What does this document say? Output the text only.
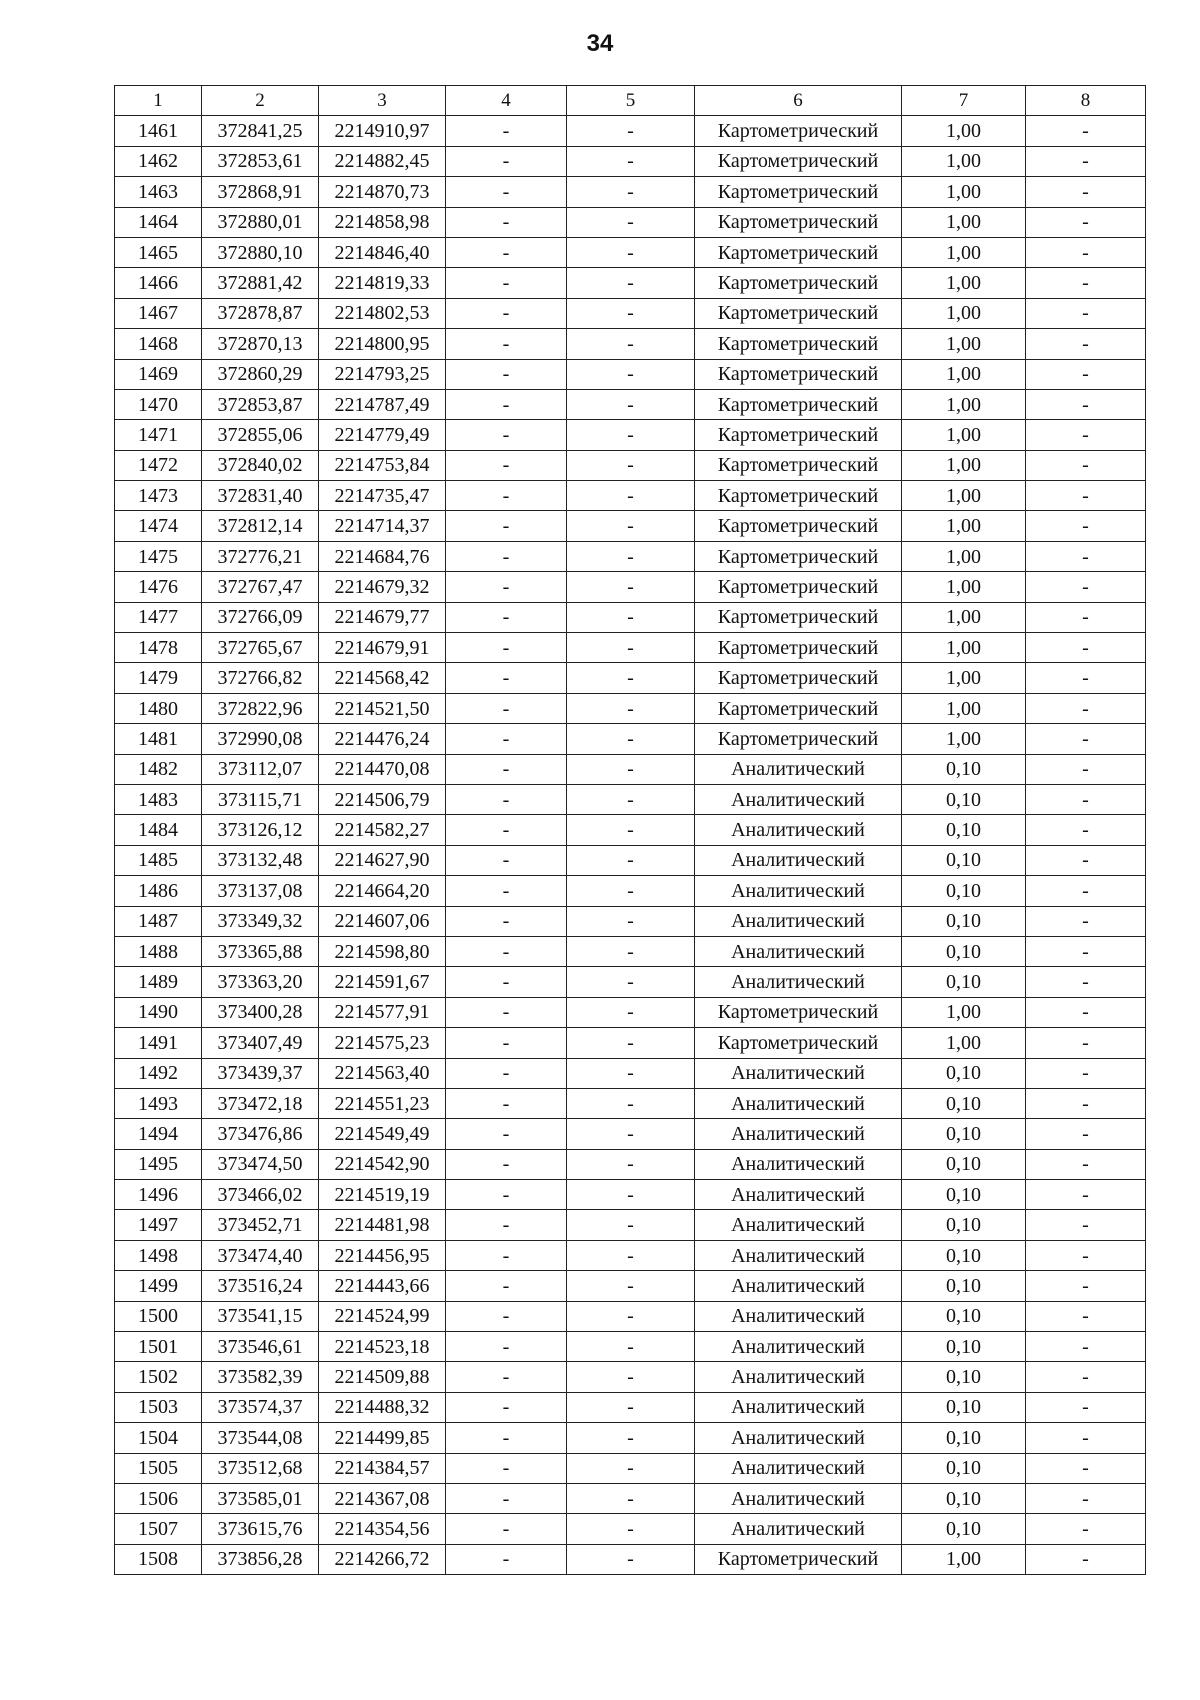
34
1	2	3	4	5	6	7	8
1461	372841,25	2214910,97	-	-	Картометрический	1,00	-
1462	372853,61	2214882,45	-	-	Картометрический	1,00	-
1463	372868,91	2214870,73	-	-	Картометрический	1,00	-
1464	372880,01	2214858,98	-	-	Картометрический	1,00	-
1465	372880,10	2214846,40	-	-	Картометрический	1,00	-
1466	372881,42	2214819,33	-	-	Картометрический	1,00	-
1467	372878,87	2214802,53	-	-	Картометрический	1,00	-
1468	372870,13	2214800,95	-	-	Картометрический	1,00	-
1469	372860,29	2214793,25	-	-	Картометрический	1,00	-
1470	372853,87	2214787,49	-	-	Картометрический	1,00	-
1471	372855,06	2214779,49	-	-	Картометрический	1,00	-
1472	372840,02	2214753,84	-	-	Картометрический	1,00	-
1473	372831,40	2214735,47	-	-	Картометрический	1,00	-
1474	372812,14	2214714,37	-	-	Картометрический	1,00	-
1475	372776,21	2214684,76	-	-	Картометрический	1,00	-
1476	372767,47	2214679,32	-	-	Картометрический	1,00	-
1477	372766,09	2214679,77	-	-	Картометрический	1,00	-
1478	372765,67	2214679,91	-	-	Картометрический	1,00	-
1479	372766,82	2214568,42	-	-	Картометрический	1,00	-
1480	372822,96	2214521,50	-	-	Картометрический	1,00	-
1481	372990,08	2214476,24	-	-	Картометрический	1,00	-
1482	373112,07	2214470,08	-	-	Аналитический	0,10	-
1483	373115,71	2214506,79	-	-	Аналитический	0,10	-
1484	373126,12	2214582,27	-	-	Аналитический	0,10	-
1485	373132,48	2214627,90	-	-	Аналитический	0,10	-
1486	373137,08	2214664,20	-	-	Аналитический	0,10	-
1487	373349,32	2214607,06	-	-	Аналитический	0,10	-
1488	373365,88	2214598,80	-	-	Аналитический	0,10	-
1489	373363,20	2214591,67	-	-	Аналитический	0,10	-
1490	373400,28	2214577,91	-	-	Картометрический	1,00	-
1491	373407,49	2214575,23	-	-	Картометрический	1,00	-
1492	373439,37	2214563,40	-	-	Аналитический	0,10	-
1493	373472,18	2214551,23	-	-	Аналитический	0,10	-
1494	373476,86	2214549,49	-	-	Аналитический	0,10	-
1495	373474,50	2214542,90	-	-	Аналитический	0,10	-
1496	373466,02	2214519,19	-	-	Аналитический	0,10	-
1497	373452,71	2214481,98	-	-	Аналитический	0,10	-
1498	373474,40	2214456,95	-	-	Аналитический	0,10	-
1499	373516,24	2214443,66	-	-	Аналитический	0,10	-
1500	373541,15	2214524,99	-	-	Аналитический	0,10	-
1501	373546,61	2214523,18	-	-	Аналитический	0,10	-
1502	373582,39	2214509,88	-	-	Аналитический	0,10	-
1503	373574,37	2214488,32	-	-	Аналитический	0,10	-
1504	373544,08	2214499,85	-	-	Аналитический	0,10	-
1505	373512,68	2214384,57	-	-	Аналитический	0,10	-
1506	373585,01	2214367,08	-	-	Аналитический	0,10	-
1507	373615,76	2214354,56	-	-	Аналитический	0,10	-
1508	373856,28	2214266,72	-	-	Картометрический	1,00	-
